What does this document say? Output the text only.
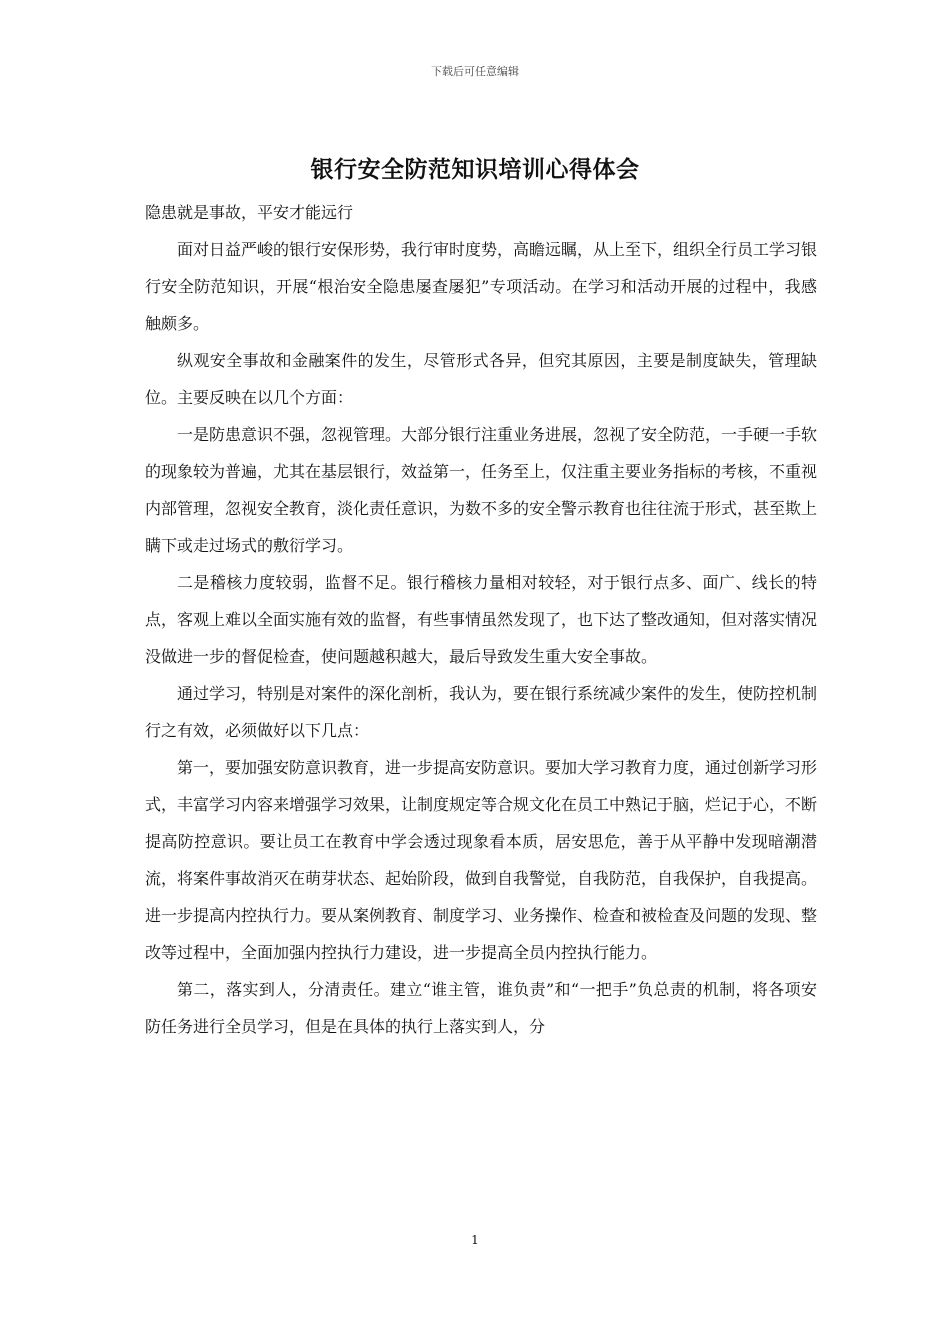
下载后可任意编辑
银行安全防范知识培训心得体会

隐患就是事故，平安才能远行

面对日益严峻的银行安保形势，我行审时度势，高瞻远瞩，从上至下，组织全行员工学习银行安全防范知识，开展“根治安全隐患屡查屡犯”专项活动。在学习和活动开展的过程中，我感触颇多。

纵观安全事故和金融案件的发生，尽管形式各异，但究其原因，主要是制度缺失，管理缺位。主要反映在以几个方面：

一是防患意识不强，忽视管理。大部分银行注重业务进展，忽视了安全防范，一手硬一手软的现象较为普遍，尤其在基层银行，效益第一，任务至上，仅注重主要业务指标的考核，不重视内部管理，忽视安全教育，淡化责任意识，为数不多的安全警示教育也往往流于形式，甚至欺上瞒下或走过场式的敷衍学习。

二是稽核力度较弱，监督不足。银行稽核力量相对较轻，对于银行点多、面广、线长的特点，客观上难以全面实施有效的监督，有些事情虽然发现了，也下达了整改通知，但对落实情况没做进一步的督促检查，使问题越积越大，最后导致发生重大安全事故。

通过学习，特别是对案件的深化剖析，我认为，要在银行系统减少案件的发生，使防控机制行之有效，必须做好以下几点：

第一，要加强安防意识教育，进一步提高安防意识。要加大学习教育力度，通过创新学习形式，丰富学习内容来增强学习效果，让制度规定等合规文化在员工中熟记于脑，烂记于心，不断提高防控意识。要让员工在教育中学会透过现象看本质，居安思危，善于从平静中发现暗潮潜流，将案件事故消灭在萌芽状态、起始阶段，做到自我警觉，自我防范，自我保护，自我提高。进一步提高内控执行力。要从案例教育、制度学习、业务操作、检查和被检查及问题的发现、整改等过程中，全面加强内控执行力建设，进一步提高全员内控执行能力。

第二，落实到人，分清责任。建立“谁主管，谁负责”和“一把手”负总责的机制，将各项安防任务进行全员学习，但是在具体的执行上落实到人，分

1
